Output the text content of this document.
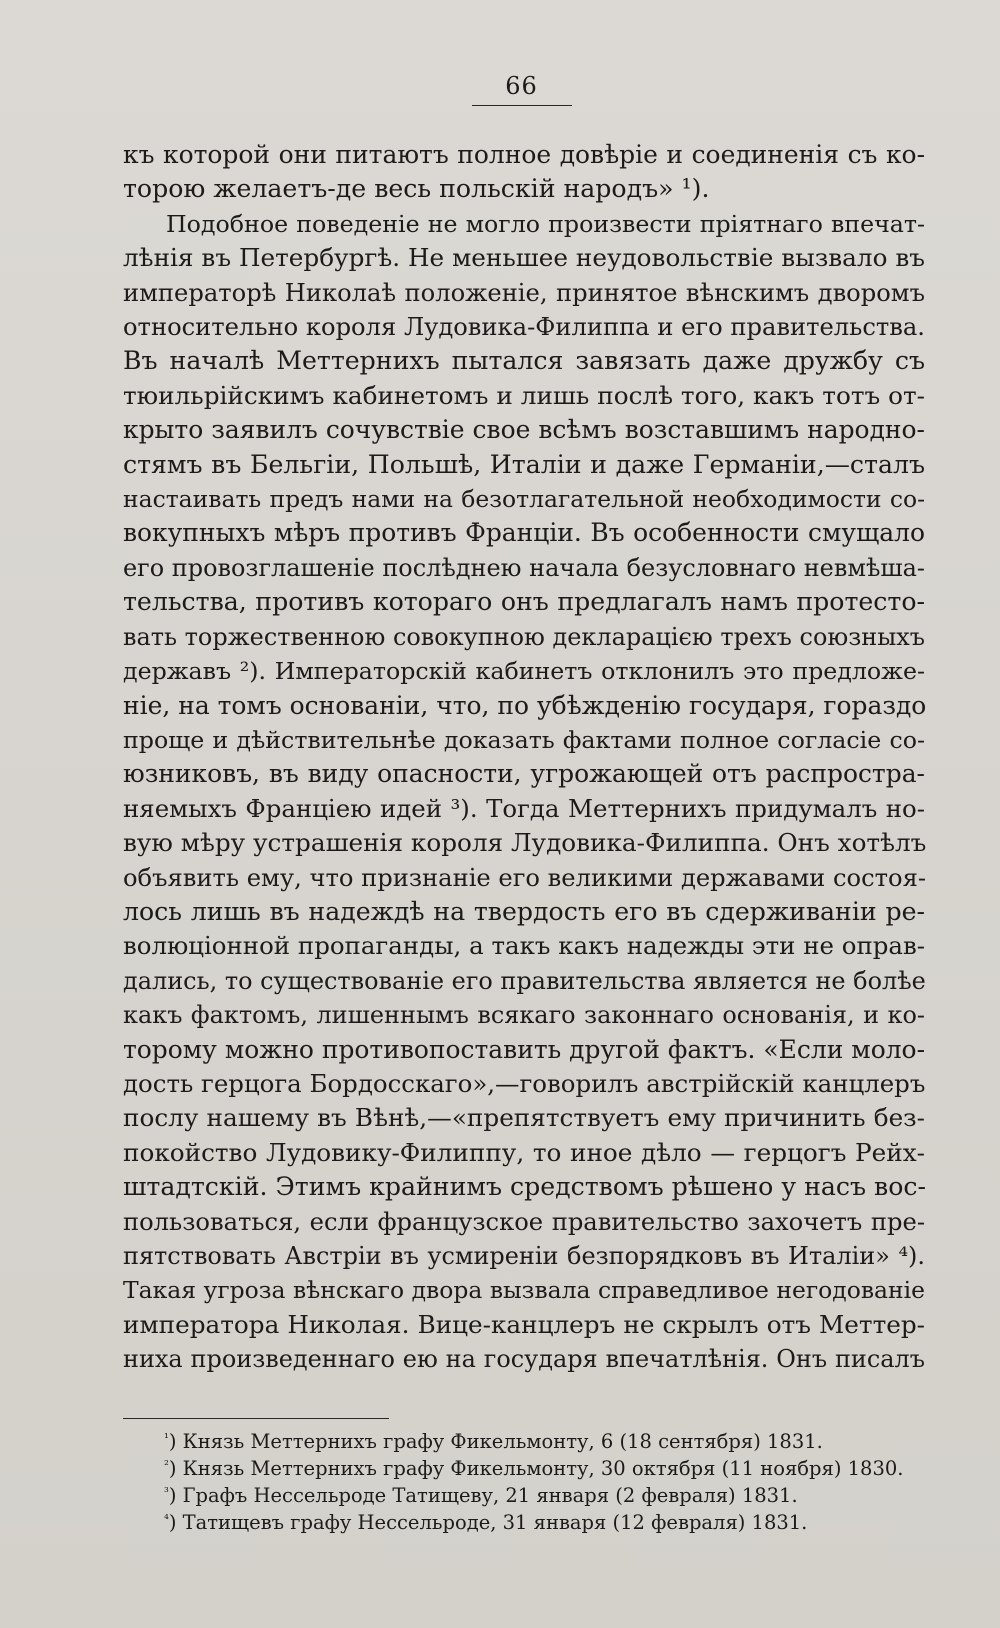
66
къ которой они питаютъ полное довѣріе и соединенія съ ко-
торою желаетъ-де весь польскій народъ» ¹).
Подобное поведеніе не могло произвести пріятнаго впечат-
лѣнія въ Петербургѣ. Не меньшее неудовольствіе вызвало въ
императорѣ Николаѣ положеніе, принятое вѣнскимъ дворомъ
относительно короля Лудовика-Филиппа и его правительства.
Въ началѣ Меттернихъ пытался завязать даже дружбу съ
тюильрійскимъ кабинетомъ и лишь послѣ того, какъ тотъ от-
крыто заявилъ сочувствіе свое всѣмъ возставшимъ народно-
стямъ въ Бельгіи, Польшѣ, Италіи и даже Германіи,—сталъ
настаивать предъ нами на безотлагательной необходимости со-
вокупныхъ мѣръ противъ Франціи. Въ особенности смущало
его провозглашеніе послѣднею начала безусловнаго невмѣша-
тельства, противъ котораго онъ предлагалъ намъ протесто-
вать торжественною совокупною декларацією трехъ союзныхъ
державъ ²). Императорскій кабинетъ отклонилъ это предложе-
ніе, на томъ основаніи, что, по убѣжденію государя, гораздо
проще и дѣйствительнѣе доказать фактами полное согласіе со-
юзниковъ, въ виду опасности, угрожающей отъ распростра-
няемыхъ Франціею идей ³). Тогда Меттернихъ придумалъ но-
вую мѣру устрашенія короля Лудовика-Филиппа. Онъ хотѣлъ
объявить ему, что признаніе его великими державами состоя-
лось лишь въ надеждѣ на твердость его въ сдерживаніи ре-
волюціонной пропаганды, а такъ какъ надежды эти не оправ-
дались, то существованіе его правительства является не болѣе
какъ фактомъ, лишеннымъ всякаго законнаго основанія, и ко-
торому можно противопоставить другой фактъ. «Если моло-
дость герцога Бордосскаго»,—говорилъ австрійскій канцлеръ
послу нашему въ Вѣнѣ,—«препятствуетъ ему причинить без-
покойство Лудовику-Филиппу, то иное дѣло — герцогъ Рейх-
штадтскій. Этимъ крайнимъ средствомъ рѣшено у насъ вос-
пользоваться, если французское правительство захочетъ пре-
пятствовать Австріи въ усмиреніи безпорядковъ въ Италіи» ⁴).
Такая угроза вѣнскаго двора вызвала справедливое негодованіе
императора Николая. Вице-канцлеръ не скрылъ отъ Меттер-
ниха произведеннаго ею на государя впечатлѣнія. Онъ писалъ
$^{^1}$) Князь Меттернихъ графу Фикельмонту, 6 (18 сентября) 1831.
$^{^2}$) Князь Меттернихъ графу Фикельмонту, 30 октября (11 ноября) 1830.
$^{^3}$) Графъ Нессельроде Татищеву, 21 января (2 февраля) 1831.
$^{^4}$) Татищевъ графу Нессельроде, 31 января (12 февраля) 1831.
